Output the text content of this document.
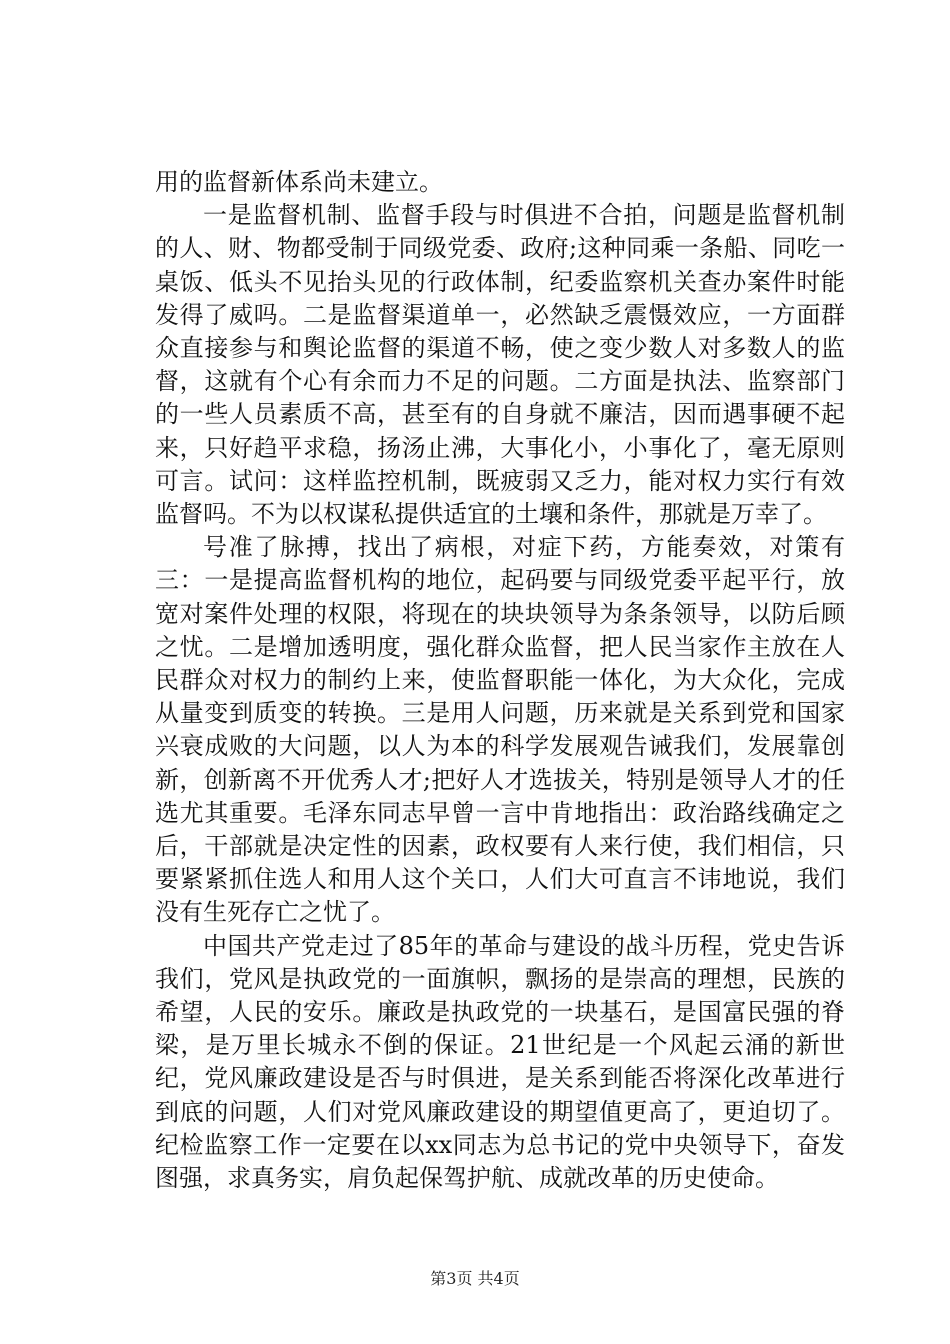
用的监督新体系尚未建立。

一是监督机制、监督手段与时俱进不合拍，问题是监督机制的人、财、物都受制于同级党委、政府;这种同乘一条船、同吃一桌饭、低头不见抬头见的行政体制，纪委监察机关查办案件时能发得了威吗。二是监督渠道单一，必然缺乏震慑效应，一方面群众直接参与和舆论监督的渠道不畅，使之变少数人对多数人的监督，这就有个心有余而力不足的问题。二方面是执法、监察部门的一些人员素质不高，甚至有的自身就不廉洁，因而遇事硬不起来，只好趋平求稳，扬汤止沸，大事化小，小事化了，毫无原则可言。试问：这样监控机制，既疲弱又乏力，能对权力实行有效监督吗。不为以权谋私提供适宜的土壤和条件，那就是万幸了。

号准了脉搏，找出了病根，对症下药，方能奏效，对策有三：一是提高监督机构的地位，起码要与同级党委平起平行，放宽对案件处理的权限，将现在的块块领导为条条领导，以防后顾之忧。二是增加透明度，强化群众监督，把人民当家作主放在人民群众对权力的制约上来，使监督职能一体化，为大众化，完成从量变到质变的转换。三是用人问题，历来就是关系到党和国家兴衰成败的大问题，以人为本的科学发展观告诫我们，发展靠创新，创新离不开优秀人才;把好人才选拔关，特别是领导人才的任选尤其重要。毛泽东同志早曾一言中肯地指出：政治路线确定之后，干部就是决定性的因素，政权要有人来行使，我们相信，只要紧紧抓住选人和用人这个关口，人们大可直言不讳地说，我们没有生死存亡之忧了。

中国共产党走过了85年的革命与建设的战斗历程，党史告诉我们，党风是执政党的一面旗帜，飘扬的是崇高的理想，民族的希望，人民的安乐。廉政是执政党的一块基石，是国富民强的脊梁，是万里长城永不倒的保证。21世纪是一个风起云涌的新世纪，党风廉政建设是否与时俱进，是关系到能否将深化改革进行到底的问题，人们对党风廉政建设的期望值更高了，更迫切了。纪检监察工作一定要在以xx同志为总书记的党中央领导下，奋发图强，求真务实，肩负起保驾护航、成就改革的历史使命。

第3页 共4页
